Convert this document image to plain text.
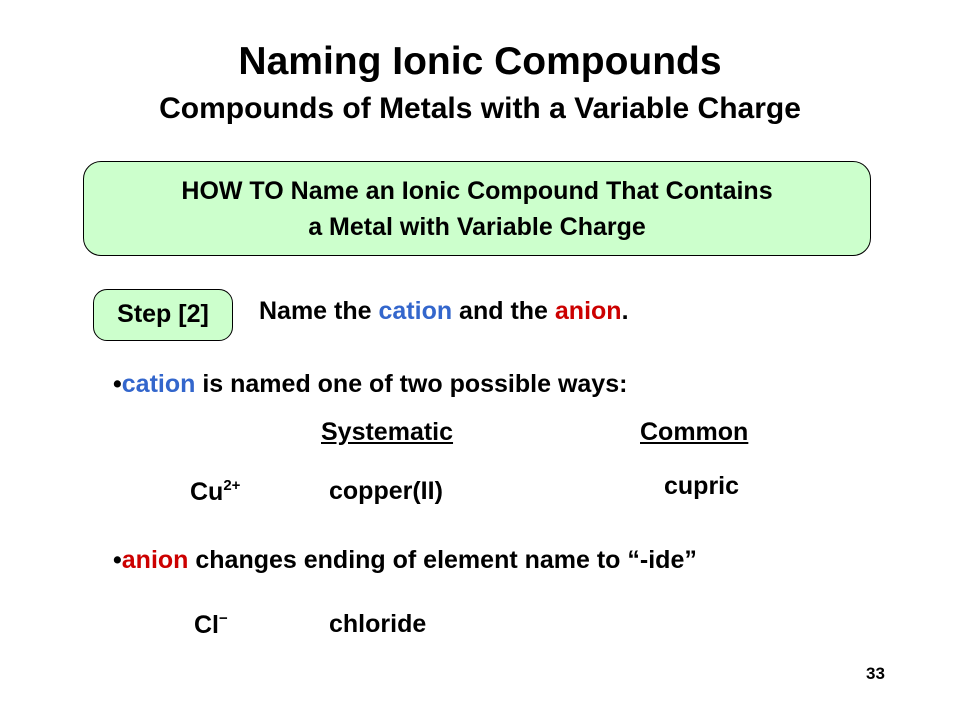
Naming Ionic Compounds
Compounds of Metals with a Variable Charge
HOW TO Name an Ionic Compound That Contains
a Metal with Variable Charge
Step [2]	Name the cation and the anion.
•cation is named one of two possible ways:
Systematic	Common
$Cu^{2+}$	copper(II)	cupric
•anion changes ending of element name to “-ide”
Cl−	chloride
33
